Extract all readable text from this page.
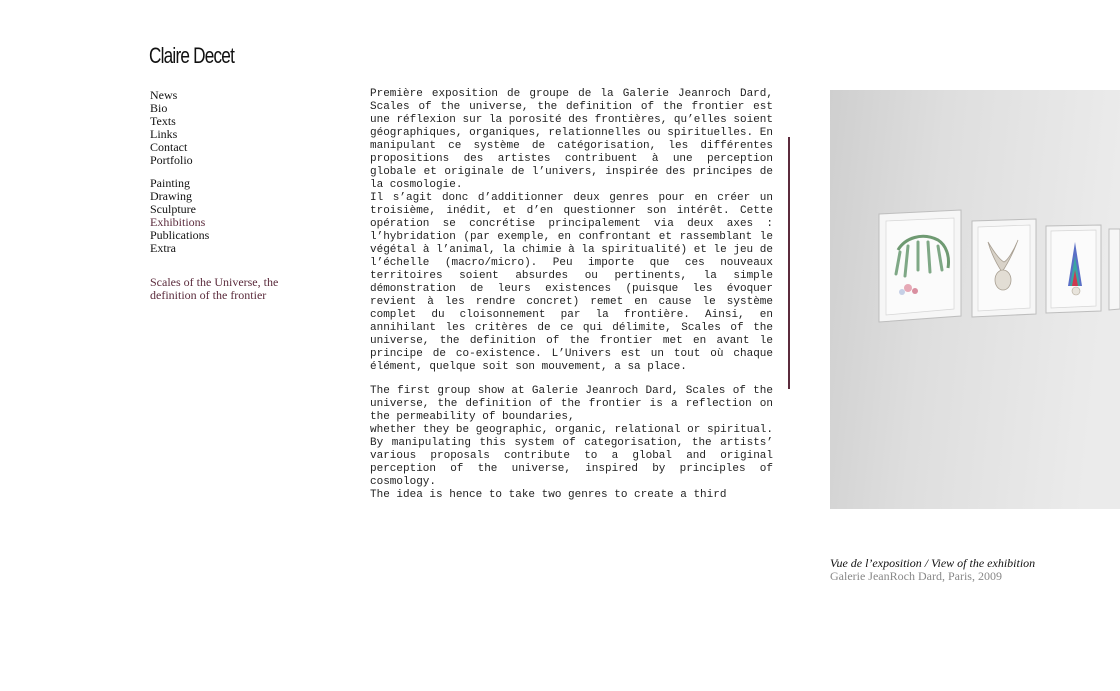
Claire Decet
News
Bio
Texts
Links
Contact
Portfolio
Painting
Drawing
Sculpture
Exhibitions
Publications
Extra
Scales of the Universe, the definition of the frontier

Première exposition de groupe de la Galerie Jeanroch Dard, Scales of the universe, the definition of the frontier est une réflexion sur la porosité des frontières, qu’elles soient géographiques, organiques, relationnelles ou spirituelles. En manipulant ce système de catégorisation, les différentes propositions des artistes contribuent à une perception globale et originale de l’univers, inspirée des principes de la cosmologie.

Il s’agit donc d’additionner deux genres pour en créer un troisième, inédit, et d’en questionner son intérêt. Cette opération se concrétise principalement via deux axes : l’hybridation (par exemple, en confrontant et rassemblant le végétal à l’animal, la chimie à la spiritualité) et le jeu de l’échelle (macro/micro). Peu importe que ces nouveaux territoires soient absurdes ou pertinents, la simple démonstration de leurs existences (puisque les évoquer revient à les rendre concret) remet en cause le système complet du cloisonnement par la frontière. Ainsi, en annihilant les critères de ce qui délimite, Scales of the universe, the definition of the frontier met en avant le principe de co-existence. L’Univers est un tout où chaque élément, quelque soit son mouvement, a sa place.

The first group show at Galerie Jeanroch Dard, Scales of the universe, the definition of the frontier is a reflection on the permeability of boundaries,

whether they be geographic, organic, relational or spiritual. By manipulating this system of categorisation, the artists’ various proposals contribute to a global and original perception of the universe, inspired by principles of cosmology.

The idea is hence to take two genres to create a third

Vue de l’exposition / View of the exhibition
Galerie JeanRoch Dard, Paris, 2009
